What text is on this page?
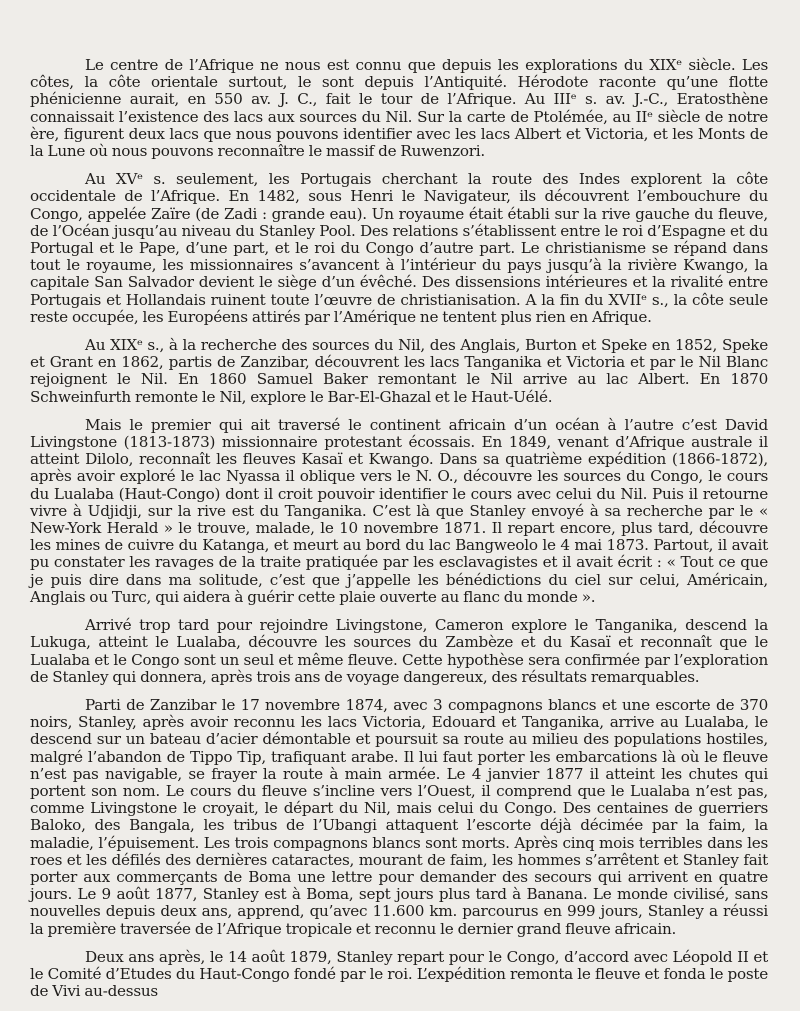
Le centre de l’Afrique ne nous est connu que depuis les explorations du XIXᵉ siècle. Les côtes, la côte orientale surtout, le sont depuis l’Antiquité. Hérodote raconte qu’une flotte phénicienne aurait, en 550 av. J. C., fait le tour de l’Afrique. Au IIIᵉ s. av. J.-C., Eratosthène connaissait l’existence des lacs aux sources du Nil. Sur la carte de Ptolémée, au IIᵉ siècle de notre ère, figurent deux lacs que nous pouvons identifier avec les lacs Albert et Victoria, et les Monts de la Lune où nous pouvons reconnaître le massif de Ruwenzori.

Au XVᵉ s. seulement, les Portugais cherchant la route des Indes explorent la côte occidentale de l’Afrique. En 1482, sous Henri le Navigateur, ils découvrent l’embouchure du Congo, appelée Zaïre (de Zadi : grande eau). Un royaume était établi sur la rive gauche du fleuve, de l’Océan jusqu’au niveau du Stanley Pool. Des relations s’établissent entre le roi d’Espagne et du Portugal et le Pape, d’une part, et le roi du Congo d’autre part. Le christianisme se répand dans tout le royaume, les missionnaires s’avancent à l’intérieur du pays jusqu’à la rivière Kwango, la capitale San Salvador devient le siège d’un évêché. Des dissensions intérieures et la rivalité entre Portugais et Hollandais ruinent toute l’œuvre de christianisation. A la fin du XVIIᵉ s., la côte seule reste occupée, les Européens attirés par l’Amérique ne tentent plus rien en Afrique.

Au XIXᵉ s., à la recherche des sources du Nil, des Anglais, Burton et Speke en 1852, Speke et Grant en 1862, partis de Zanzibar, découvrent les lacs Tanganika et Victoria et par le Nil Blanc rejoignent le Nil. En 1860 Samuel Baker remontant le Nil arrive au lac Albert. En 1870 Schweinfurth remonte le Nil, explore le Bar-El-Ghazal et le Haut-Uélé.

Mais le premier qui ait traversé le continent africain d’un océan à l’autre c’est David Livingstone (1813-1873) missionnaire protestant écossais. En 1849, venant d’Afrique australe il atteint Dilolo, reconnaît les fleuves Kasaï et Kwango. Dans sa quatrième expédition (1866-1872), après avoir exploré le lac Nyassa il oblique vers le N. O., découvre les sources du Congo, le cours du Lualaba (Haut-Congo) dont il croit pouvoir identifier le cours avec celui du Nil. Puis il retourne vivre à Udjidji, sur la rive est du Tanganika. C’est là que Stanley envoyé à sa recherche par le « New-York Herald » le trouve, malade, le 10 novembre 1871. Il repart encore, plus tard, découvre les mines de cuivre du Katanga, et meurt au bord du lac Bangweolo le 4 mai 1873. Partout, il avait pu constater les ravages de la traite pratiquée par les esclavagistes et il avait écrit : « Tout ce que je puis dire dans ma solitude, c’est que j’appelle les bénédictions du ciel sur celui, Américain, Anglais ou Turc, qui aidera à guérir cette plaie ouverte au flanc du monde ».

Arrivé trop tard pour rejoindre Livingstone, Cameron explore le Tanganika, descend la Lukuga, atteint le Lualaba, découvre les sources du Zambèze et du Kasaï et reconnaît que le Lualaba et le Congo sont un seul et même fleuve. Cette hypothèse sera confirmée par l’exploration de Stanley qui donnera, après trois ans de voyage dangereux, des résultats remarquables.

Parti de Zanzibar le 17 novembre 1874, avec 3 compagnons blancs et une escorte de 370 noirs, Stanley, après avoir reconnu les lacs Victoria, Edouard et Tanganika, arrive au Lualaba, le descend sur un bateau d’acier démontable et poursuit sa route au milieu des populations hostiles, malgré l’abandon de Tippo Tip, trafiquant arabe. Il lui faut porter les embarcations là où le fleuve n’est pas navigable, se frayer la route à main armée. Le 4 janvier 1877 il atteint les chutes qui portent son nom. Le cours du fleuve s’incline vers l’Ouest, il comprend que le Lualaba n’est pas, comme Livingstone le croyait, le départ du Nil, mais celui du Congo. Des centaines de guerriers Baloko, des Bangala, les tribus de l’Ubangi attaquent l’escorte déjà décimée par la faim, la maladie, l’épuisement. Les trois compagnons blancs sont morts. Après cinq mois terribles dans les roes et les défilés des dernières cataractes, mourant de faim, les hommes s’arrêtent et Stanley fait porter aux commerçants de Boma une lettre pour demander des secours qui arrivent en quatre jours. Le 9 août 1877, Stanley est à Boma, sept jours plus tard à Banana. Le monde civilisé, sans nouvelles depuis deux ans, apprend, qu’avec 11.600 km. parcourus en 999 jours, Stanley a réussi la première traversée de l’Afrique tropicale et reconnu le dernier grand fleuve africain.

Deux ans après, le 14 août 1879, Stanley repart pour le Congo, d’accord avec Léopold II et le Comité d’Etudes du Haut-Congo fondé par le roi. L’expédition remonta le fleuve et fonda le poste de Vivi au-dessus
